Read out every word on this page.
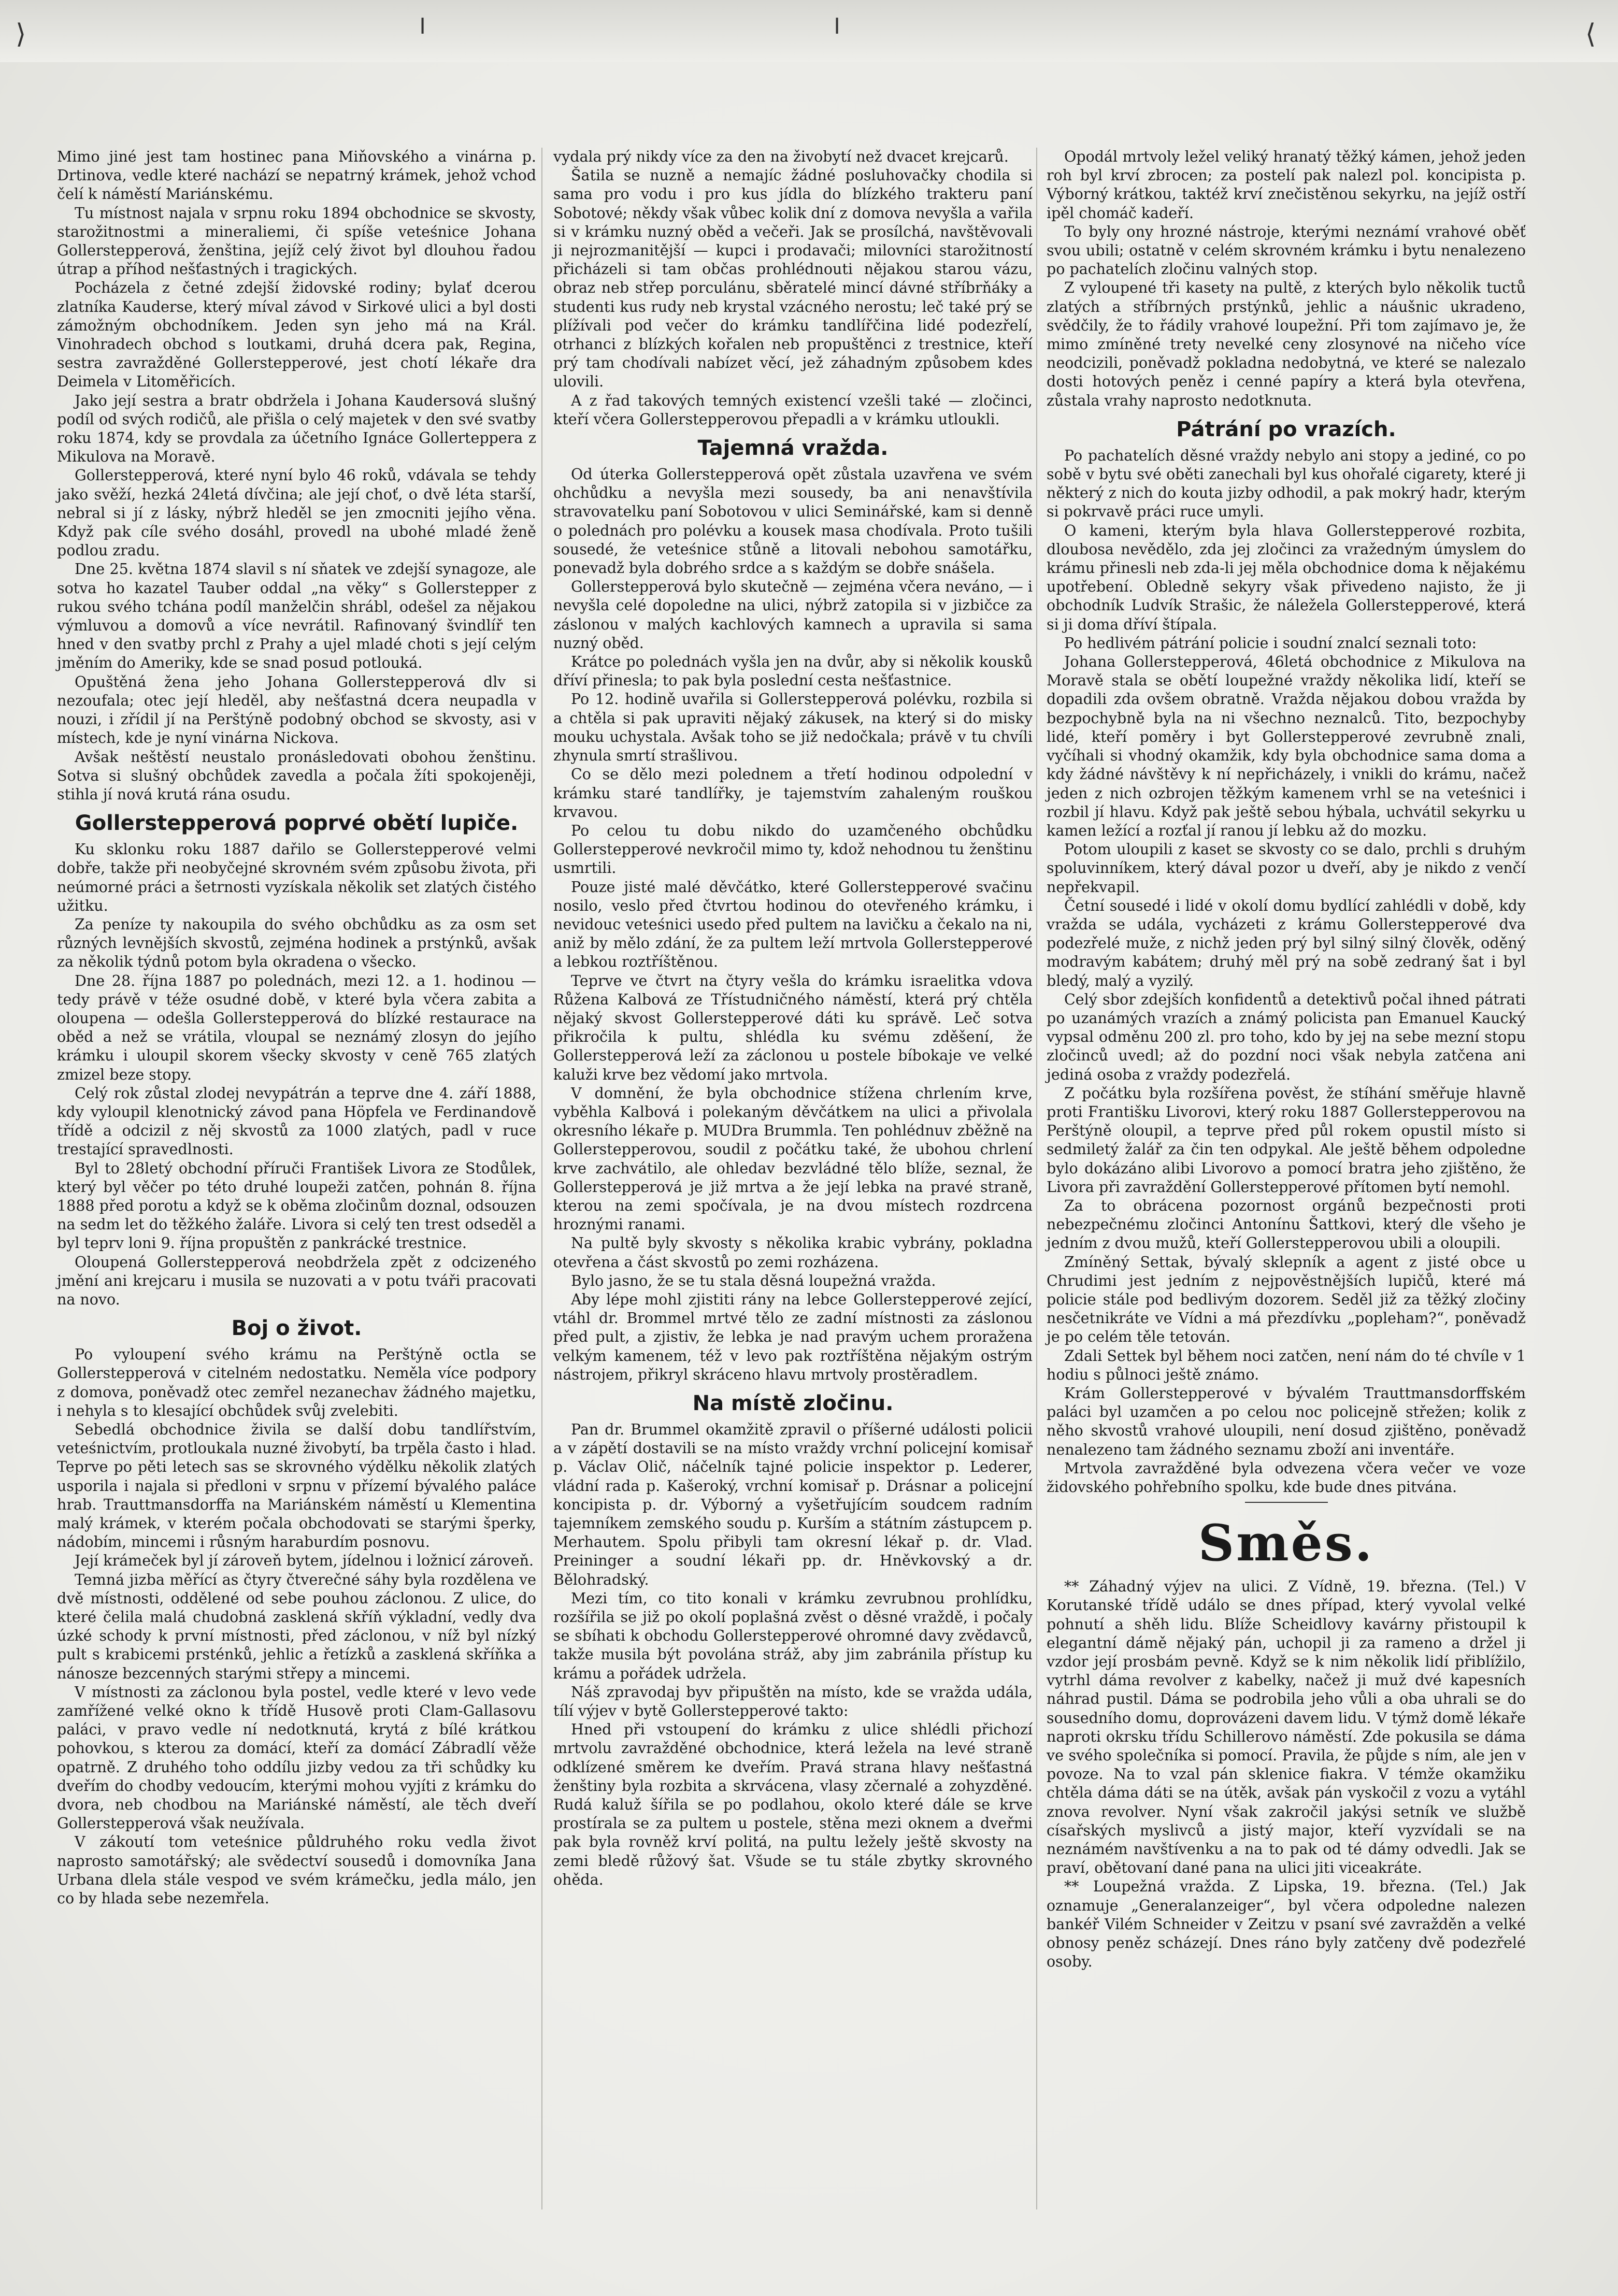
⟩	╵	╵	⟨

Mimo jiné jest tam hostinec pana Miňovského a vinárna p. Drtinova, vedle které nachází se nepatrný krámek, jehož vchod čelí k náměstí Mariánskému.

Tu místnost najala v srpnu roku 1894 obchodnice se skvosty, starožitnostmi a mineraliemi, či spíše veteśnice Johana Gollerstepperová, ženština, jejíž celý život byl dlouhou řadou útrap a příhod nešťastných i tragických.

Pocházela z četné zdejší židovské rodiny; bylať dcerou zlatníka Kauderse, který míval závod v Sirkové ulici a byl dosti zámožným obchodníkem. Jeden syn jeho má na Král. Vinohradech obchod s loutkami, druhá dcera pak, Regina, sestra zavražděné Gollerstepperové, jest chotí lékaře dra Deimela v Litoměřicích.

Jako její sestra a bratr obdržela i Johana Kaudersová slušný podíl od svých rodičů, ale přišla o celý majetek v den své svatby roku 1874, kdy se provdala za účetního Ignáce Gollerteppera z Mikulova na Moravě.

Gollerstepperová, které nyní bylo 46 roků, vdávala se tehdy jako svěží, hezká 24letá dívčina; ale její choť, o dvě léta starší, nebral si jí z lásky, nýbrž hleděl se jen zmocniti jejího věna. Když pak cíle svého dosáhl, provedl na ubohé mladé ženě podlou zradu.

Dne 25. května 1874 slavil s ní sňatek ve zdejší synagoze, ale sotva ho kazatel Tauber oddal „na věky“ s Gollerstepper z rukou svého tchána podíl manželčin shrábl, odešel za nějakou výmluvou a domovů a více nevrátil. Rafinovaný švindlíř ten hned v den svatby prchl z Prahy a ujel mladé choti s její celým jměním do Ameriky, kde se snad posud potlouká.

Opuštěná žena jeho Johana Gollerstepperová dlv si nezoufala; otec její hleděl, aby nešťastná dcera neupadla v nouzi, i zřídil jí na Perštýně podobný obchod se skvosty, asi v místech, kde je nyní vinárna Nickova.

Avšak neštěstí neustalo pronásledovati obohou ženštinu. Sotva si slušný obchůdek zavedla a počala žíti spokojeněji, stihla jí nová krutá rána osudu.

Gollerstepperová poprvé obětí lupiče.

Ku sklonku roku 1887 dařilo se Gollerstepperové velmi dobře, takže při neobyčejné skrovném svém způsobu života, při neúmorné práci a šetrnosti vyzískala několik set zlatých čistého užitku.

Za peníze ty nakoupila do svého obchůdku as za osm set různých levnějších skvostů, zejména hodinek a prstýnků, avšak za několik týdnů potom byla okradena o všecko.

Dne 28. října 1887 po polednách, mezi 12. a 1. hodinou — tedy právě v téže osudné době, v které byla včera zabita a oloupena — odešla Gollerstepperová do blízké restaurace na oběd a než se vrátila, vloupal se neznámý zlosyn do jejího krámku i uloupil skorem všecky skvosty v ceně 765 zlatých zmizel beze stopy.

Celý rok zůstal zlodej nevypátrán a teprve dne 4. září 1888, kdy vyloupil klenotnický závod pana Höpfela ve Ferdinandově třídě a odcizil z něj skvostů za 1000 zlatých, padl v ruce trestající spravedlnosti.

Byl to 28letý obchodní příruči František Livora ze Stodůlek, který byl věčer po této druhé loupeži zatčen, pohnán 8. října 1888 před porotu a když se k oběma zločinům doznal, odsouzen na sedm let do těžkého žaláře. Livora si celý ten trest odseděl a byl teprv loni 9. října propuštěn z pankrácké trestnice.

Oloupená Gollerstepperová neobdržela zpět z odcizeného jmění ani krejcaru i musila se nuzovati a v potu tváři pracovati na novo.

Boj o život.

Po vyloupení svého krámu na Perštýně octla se Gollerstepperová v citelném nedostatku. Neměla více podpory z domova, poněvadž otec zemřel nezanechav žádného majetku, i nehyla s to klesající obchůdek svůj zvelebiti.

Sebedlá obchodnice živila se další dobu tandlířstvím, veteśnictvím, protloukala nuzné živobytí, ba trpěla často i hlad. Teprve po pěti letech sas se skrovného výdělku několik zlatých usporila i najala si předloni v srpnu v přízemí bývalého paláce hrab. Trauttmansdorffa na Mariánském náměstí u Klementina malý krámek, v kterém počala obchodovati se starými šperky, nádobím, mincemi i růsným haraburdím posnovu.

Její krámeček byl jí zároveň bytem, jídelnou i ložnicí zároveň.

Temná jizba měřící as čtyry čtverečné sáhy byla rozdělena ve dvě místnosti, oddělené od sebe pouhou záclonou. Z ulice, do které čelila malá chudobná zasklená skříň výkladní, vedly dva úzké schody k první místnosti, před záclonou, v níž byl nízký pult s krabicemi prsténků, jehlic a řetízků a zasklená skříňka a nánosze bezcenných starými střepy a mincemi.

V místnosti za záclonou byla postel, vedle které v levo vede zamřížené velké okno k třídě Husově proti Clam-Gallasovu paláci, v pravo vedle ní nedotknutá, krytá z bílé krátkou pohovkou, s kterou za domácí, kteří za domácí Zábradlí věže opatrně. Z druhého toho oddílu jizby vedou za tři schůdky ku dveřím do chodby vedoucím, kterými mohou vyjíti z krámku do dvora, neb chodbou na Mariánské náměstí, ale těch dveří Gollerstepperová však neužívala.

V zákoutí tom veteśnice půldruhého roku vedla život naprosto samotářský; ale svědectví sousedů i domovníka Jana Urbana dlela stále vespod ve svém krámečku, jedla málo, jen co by hlada sebe nezemřela.

vydala prý nikdy více za den na živobytí než dvacet krejcarů.

Šatila se nuzně a nemajíc žádné posluhovačky chodila si sama pro vodu i pro kus jídla do blízkého trakteru paní Sobotové; někdy však vůbec kolik dní z domova nevyšla a vařila si v krámku nuzný oběd a večeři. Jak se prosílchá, navštěvovali ji nejrozmanitější — kupci i prodavači; milovníci starožitností přicházeli si tam občas prohlédnouti nějakou starou vázu, obraz neb střep porculánu, sběratelé mincí dávné stříbrňáky a studenti kus rudy neb krystal vzácného nerostu; leč také prý se plížívali pod večer do krámku tandlířčina lidé podezřelí, otrhanci z blízkých kořalen neb propuštěnci z trestnice, kteří prý tam chodívali nabízet věcí, jež záhadným způsobem kdes ulovili.

A z řad takových temných existencí vzešli také — zločinci, kteří včera Gollerstepperovou přepadli a v krámku utloukli.

Tajemná vražda.

Od úterka Gollerstepperová opět zůstala uzavřena ve svém ohchůdku a nevyšla mezi sousedy, ba ani nenavštívila stravovatelku paní Sobotovou v ulici Seminářské, kam si denně o polednách pro polévku a kousek masa chodívala. Proto tušili sousedé, že veteśnice stůně a litovali nebohou samotářku, ponevadž byla dobrého srdce a s každým se dobře snášela.

Gollerstepperová bylo skutečně — zejména včera neváno, — i nevyšla celé dopoledne na ulici, nýbrž zatopila si v jizbičce za záslonou v malých kachlových kamnech a upravila si sama nuzný oběd.

Krátce po polednách vyšla jen na dvůr, aby si několik kousků dříví přinesla; to pak byla poslední cesta nešťastnice.

Po 12. hodině uvařila si Gollerstepperová polévku, rozbila si a chtěla si pak upraviti nějaký zákusek, na který si do misky mouku uchystala. Avšak toho se již nedočkala; právě v tu chvíli zhynula smrtí strašlivou.

Co se dělo mezi polednem a třetí hodinou odpolední v krámku staré tandlířky, je tajemstvím zahaleným rouškou krvavou.

Po celou tu dobu nikdo do uzamčeného obchůdku Gollerstepperové nevkročil mimo ty, kdož nehodnou tu ženštinu usmrtili.

Pouze jisté malé děvčátko, které Gollerstepperové svačinu nosilo, veslo před čtvrtou hodinou do otevřeného krámku, i nevidouc veteśnici usedo před pultem na lavičku a čekalo na ni, aniž by mělo zdání, že za pultem leží mrtvola Gollerstepperové a lebkou roztříštěnou.

Teprve ve čtvrt na čtyry vešla do krámku israelitka vdova Růžena Kalbová ze Třístudničného náměstí, která prý chtěla nějaký skvost Gollerstepperové dáti ku správě. Leč sotva přikročila k pultu, shlédla ku svému zděšení, že Gollerstepperová leží za záclonou u postele bíbokaje ve velké kaluži krve bez vědomí jako mrtvola.

V domnění, že byla obchodnice stížena chrlením krve, vyběhla Kalbová i polekaným děvčátkem na ulici a přivolala okresního lékaře p. MUDra Brummla. Ten pohlédnuv zběžně na Gollerstepperovou, soudil z počátku také, že ubohou chrlení krve zachvátilo, ale ohledav bezvládné tělo blíže, seznal, že Gollerstepperová je již mrtva a že její lebka na pravé straně, kterou na zemi spočívala, je na dvou místech rozdrcena hroznými ranami.

Na pultě byly skvosty s několika krabic vybrány, pokladna otevřena a část skvostů po zemi rozházena.

Bylo jasno, že se tu stala děsná loupežná vražda.

Aby lépe mohl zjistiti rány na lebce Gollerstepperové zející, vtáhl dr. Brommel mrtvé tělo ze zadní místnosti za záslonou před pult, a zjistiv, že lebka je nad pravým uchem proražena velkým kamenem, též v levo pak roztříštěna nějakým ostrým nástrojem, přikryl skráceno hlavu mrtvoly prostěradlem.

Na místě zločinu.

Pan dr. Brummel okamžitě zpravil o příšerné události policii a v zápětí dostavili se na místo vraždy vrchní policejní komisař p. Václav Olič, náčelník tajné policie inspektor p. Lederer, vládní rada p. Kašeroký, vrchní komisař p. Drásnar a policejní koncipista p. dr. Výborný a vyšetřujícím soudcem radním tajemníkem zemského soudu p. Kurším a státním zástupcem p. Merhautem. Spolu přibyli tam okresní lékař p. dr. Vlad. Preininger a soudní lékaři pp. dr. Hněvkovský a dr. Bělohradský.

Mezi tím, co tito konali v krámku zevrubnou prohlídku, rozšířila se již po okolí poplašná zvěst o děsné vraždě, i počaly se sbíhati k obchodu Gollerstepperové ohromné davy zvědavců, takže musila být povolána stráž, aby jim zabránila přístup ku krámu a pořádek udržela.

Náš zpravodaj byv připuštěn na místo, kde se vražda udála, tílí výjev v bytě Gollerstepperové takto:

Hned při vstoupení do krámku z ulice shlédli přichozí mrtvolu zavražděné obchodnice, která ležela na levé straně odklízené směrem ke dveřím. Pravá strana hlavy nešťastná ženštiny byla rozbita a skrvácena, vlasy zčernalé a zohyzděné. Rudá kaluž šířila se po podlahou, okolo které dále se krve prostírala se za pultem u postele, stěna mezi oknem a dveřmi pak byla rovněž krví politá, na pultu ležely ještě skvosty na zemi bledě růžový šat. Všude se tu stále zbytky skrovného ohěda.

Opodál mrtvoly ležel veliký hranatý těžký kámen, jehož jeden roh byl krví zbrocen; za postelí pak nalezl pol. koncipista p. Výborný krátkou, taktéž krví znečistěnou sekyrku, na jejíž ostří ipěl chomáč kadeří.

To byly ony hrozné nástroje, kterými neznámí vrahové oběť svou ubili; ostatně v celém skrovném krámku i bytu nenalezeno po pachatelích zločinu valných stop.

Z vyloupené tři kasety na pultě, z kterých bylo několik tuctů zlatých a stříbrných prstýnků, jehlic a náušnic ukradeno, svědčily, že to řádily vrahové loupežní. Při tom zajímavo je, že mimo zmíněné trety nevelké ceny zlosynové na ničeho více neodcizili, poněvadž pokladna nedobytná, ve které se nalezalo dosti hotových peněz i cenné papíry a která byla otevřena, zůstala vrahy naprosto nedotknuta.

Pátrání po vrazích.

Po pachatelích děsné vraždy nebylo ani stopy a jediné, co po sobě v bytu své oběti zanechali byl kus ohořalé cigarety, které ji některý z nich do kouta jizby odhodil, a pak mokrý hadr, kterým si pokrvavě práci ruce umyli.

O kameni, kterým byla hlava Gollerstepperové rozbita, dloubosa nevědělo, zda jej zločinci za vražedným úmyslem do krámu přinesli neb zda-li jej měla obchodnice doma k nějakému upotřebení. Obledně sekyry však přivedeno najisto, že ji obchodník Ludvík Strašic, že náležela Gollerstepperové, která si ji doma dříví štípala.

Po hedlivém pátrání policie i soudní znalcí seznali toto:

Johana Gollerstepperová, 46letá obchodnice z Mikulova na Moravě stala se obětí loupežné vraždy několika lidí, kteří se dopadili zda ovšem obratně. Vražda nějakou dobou vražda by bezpochybně byla na ni všechno neznalců. Tito, bezpochyby lidé, kteří poměry i byt Gollerstepperové zevrubně znali, vyčíhali si vhodný okamžik, kdy byla obchodnice sama doma a kdy žádné návštěvy k ní nepřicházely, i vnikli do krámu, načež jeden z nich ozbrojen těžkým kamenem vrhl se na veteśnici i rozbil jí hlavu. Když pak ještě sebou hýbala, uchvátil sekyrku u kamen ležící a rozťal jí ranou jí lebku až do mozku.

Potom uloupili z kaset se skvosty co se dalo, prchli s druhým spoluvinníkem, který dával pozor u dveří, aby je nikdo z venčí nepřekvapil.

Četní sousedé i lidé v okolí domu bydlící zahlédli v době, kdy vražda se udála, vycházeti z krámu Gollerstepperové dva podezřelé muže, z nichž jeden prý byl silný silný člověk, oděný modravým kabátem; druhý měl prý na sobě zedraný šat i byl bledý, malý a vyzilý.

Celý sbor zdejších konfidentů a detektivů počal ihned pátrati po uzanámých vrazích a známý policista pan Emanuel Kaucký vypsal odměnu 200 zl. pro toho, kdo by jej na sebe mezní stopu zločinců uvedl; až do pozdní noci však nebyla zatčena ani jediná osoba z vraždy podezřelá.

Z počátku byla rozšířena pověst, že stíhání směřuje hlavně proti Františku Livorovi, který roku 1887 Gollerstepperovou na Perštýně oloupil, a teprve před půl rokem opustil místo si sedmiletý žalář za čin ten odpykal. Ale ještě během odpoledne bylo dokázáno alibi Livorovo a pomocí bratra jeho zjištěno, že Livora při zavraždění Gollerstepperové přítomen bytí nemohl.

Za to obrácena pozornost orgánů bezpečnosti proti nebezpečnému zločinci Antonínu Šattkovi, který dle všeho je jedním z dvou mužů, kteří Gollerstepperovou ubili a oloupili.

Zmíněný Settak, bývalý sklepník a agent z jisté obce u Chrudimi jest jedním z nejpověstnějších lupičů, které má policie stále pod bedlivým dozorem. Seděl již za těžký zločiny nesčetnikráte ve Vídni a má přezdívku „popleham?“, poněvadž je po celém těle tetován.

Zdali Settek byl během noci zatčen, není nám do té chvíle v 1 hodiu s půlnoci ještě známo.

Krám Gollerstepperové v bývalém Trauttmansdorffském paláci byl uzamčen a po celou noc policejně střežen; kolik z něho skvostů vrahové uloupili, není dosud zjištěno, poněvadž nenalezeno tam žádného seznamu zboží ani inventáře.

Mrtvola zavražděné byla odvezena včera večer ve voze židovského pohřebního spolku, kde bude dnes pitvána.

Směs.

** Záhadný výjev na ulici. Z Vídně, 19. března. (Tel.) V Korutanské třídě událo se dnes případ, který vyvolal velké pohnutí a shěh lidu. Blíže Scheidlovy kavárny přistoupil k elegantní dámě nějaký pán, uchopil ji za rameno a držel ji vzdor její prosbám pevně. Když se k nim několik lidí přiblížilo, vytrhl dáma revolver z kabelky, načež ji muž dvé kapesních náhrad pustil. Dáma se podrobila jeho vůli a oba uhrali se do sousedního domu, doprovázeni davem lidu. V týmž domě lékaře naproti okrsku třídu Schillerovo náměstí. Zde pokusila se dáma ve svého společníka si pomocí. Pravila, že půjde s ním, ale jen v povoze. Na to vzal pán sklenice fiakra. V témže okamžiku chtěla dáma dáti se na útěk, avšak pán vyskočil z vozu a vytáhl znova revolver. Nyní však zakročil jakýsi setník ve službě císařských myslivců a jistý major, kteří vyzvídali se na neznámém navštívenku a na to pak od té dámy odvedli. Jak se praví, obětovaní dané pana na ulici jiti viceakráte.

** Loupežná vražda. Z Lipska, 19. března. (Tel.) Jak oznamuje „Generalanzeiger“, byl včera odpoledne nalezen bankéř Vilém Schneider v Zeitzu v psaní své zavražděn a velké obnosy peněz scházejí. Dnes ráno byly zatčeny dvě podezřelé osoby.
